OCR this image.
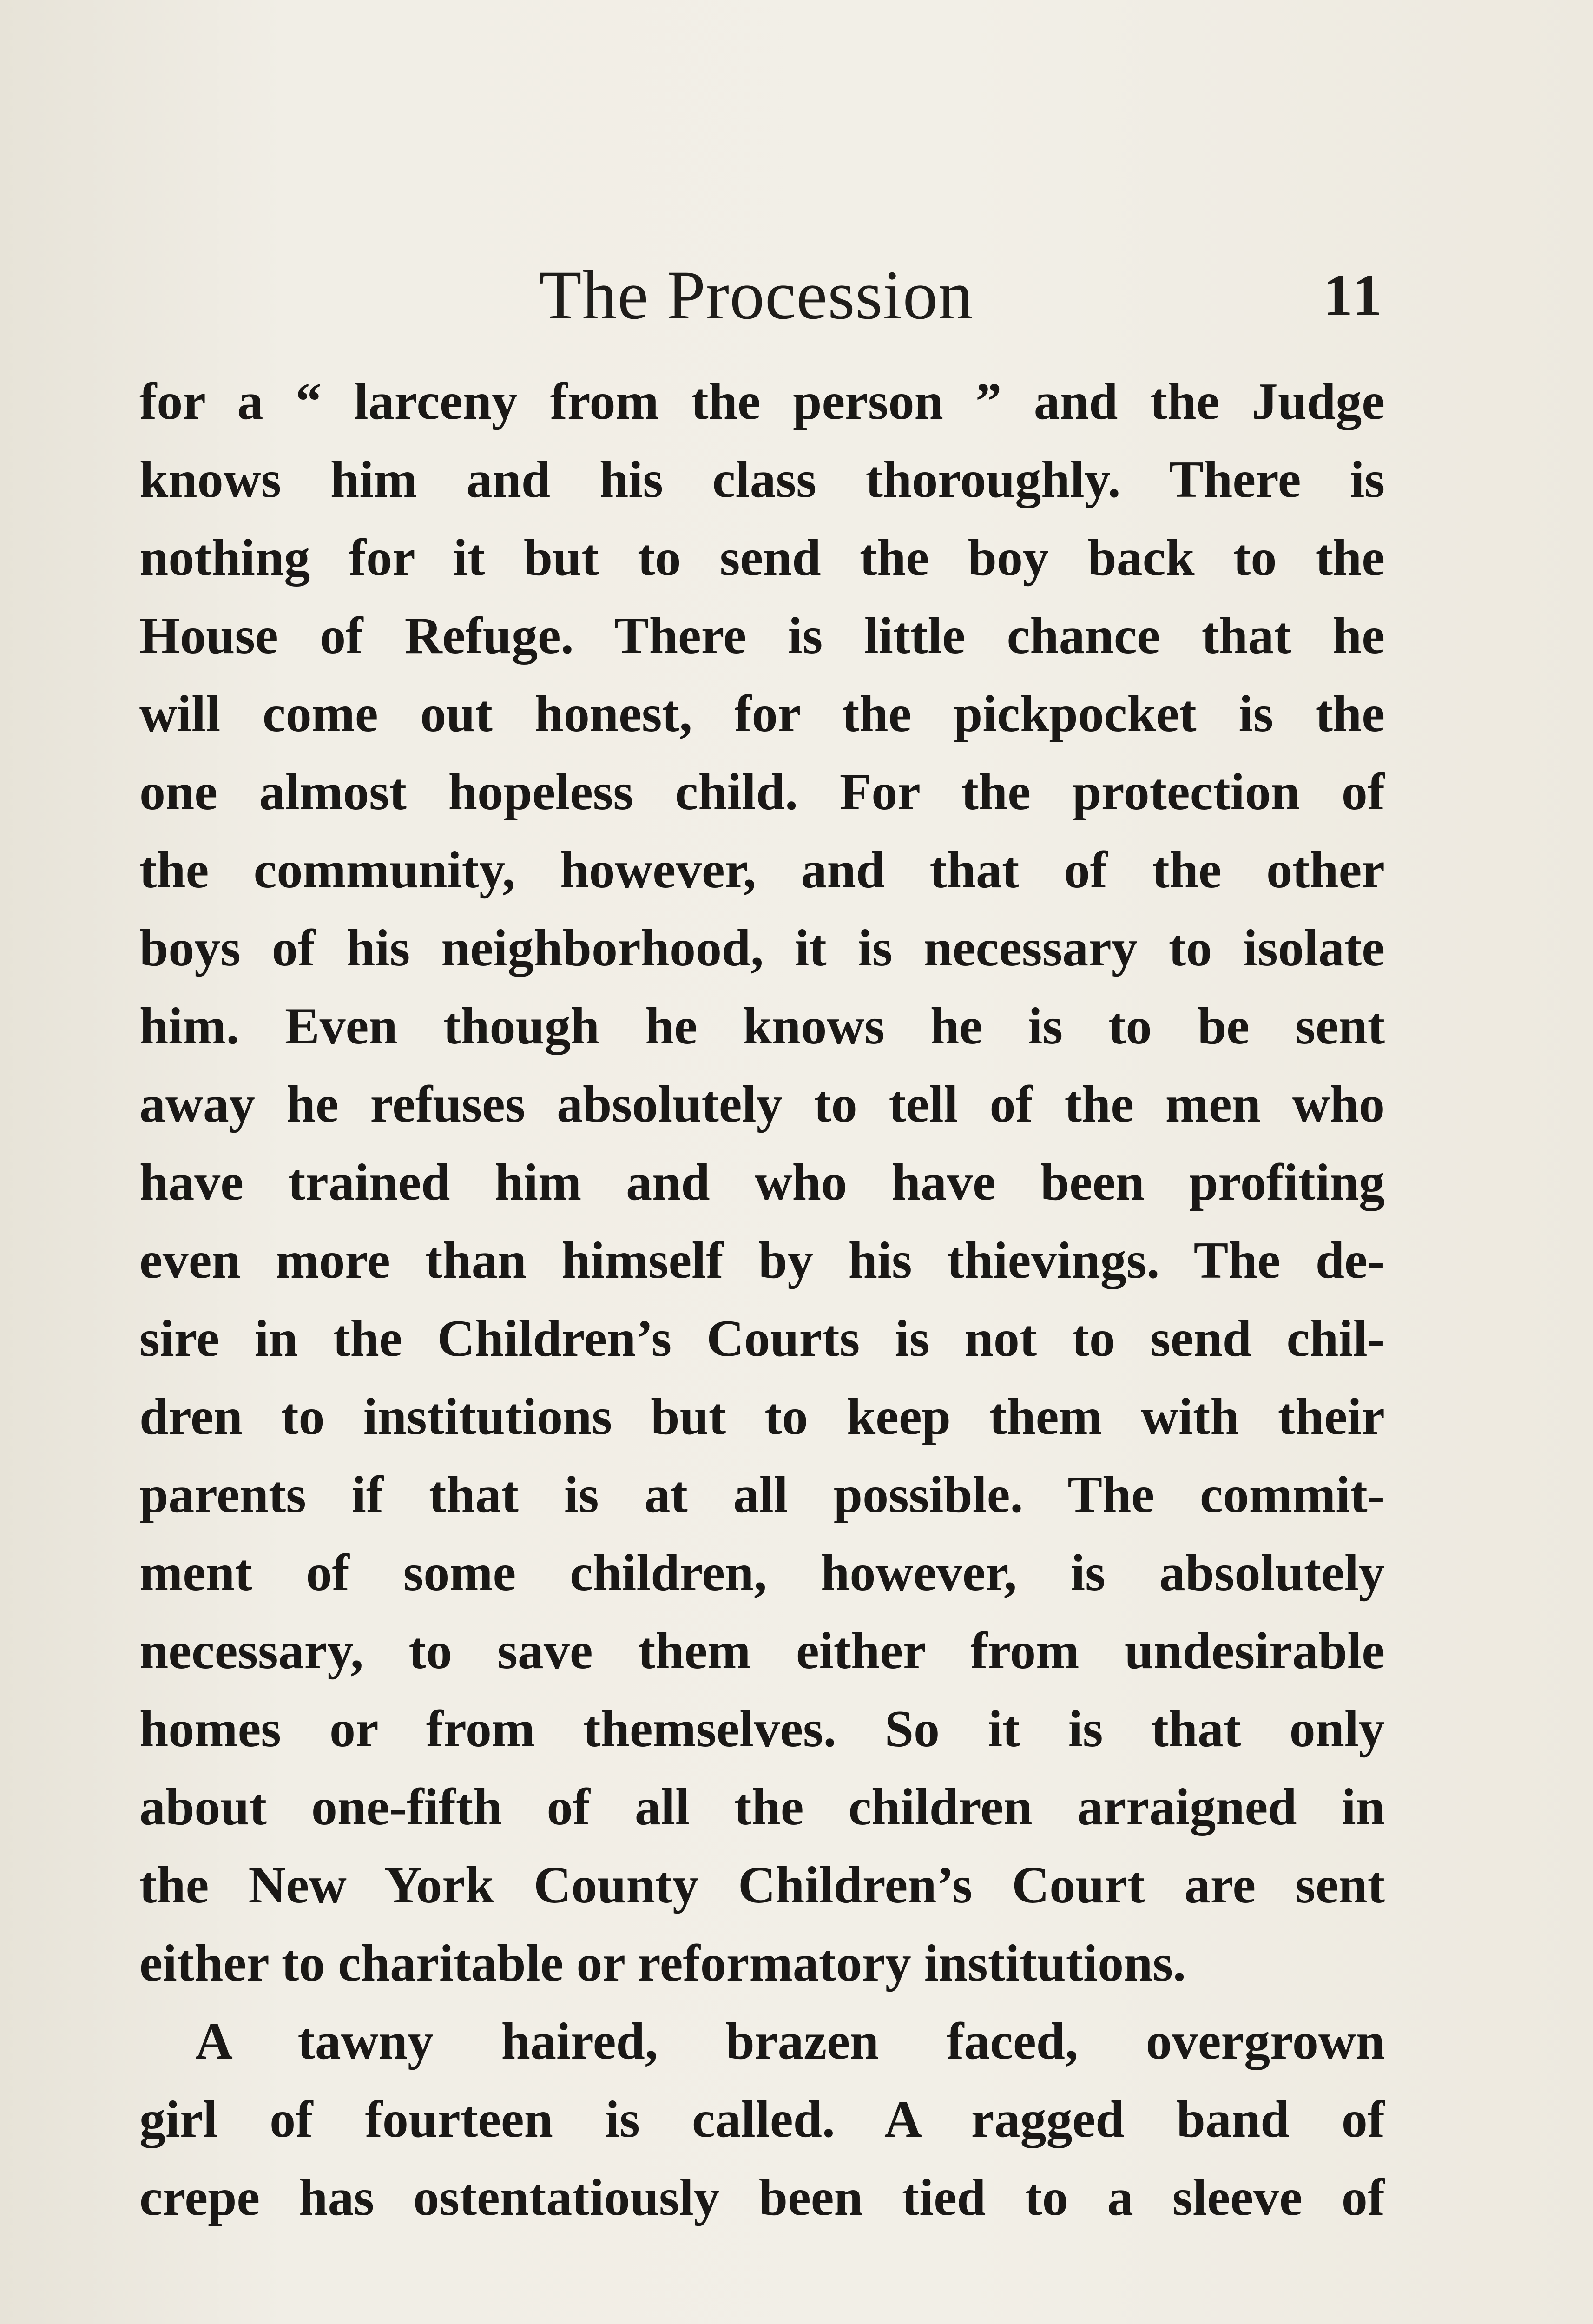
The Procession	11
for a “ larceny from the person ” and the Judge
knows him and his class thoroughly. There is
nothing for it but to send the boy back to the
House of Refuge. There is little chance that he
will come out honest, for the pickpocket is the
one almost hopeless child. For the protection of
the community, however, and that of the other
boys of his neighborhood, it is necessary to isolate
him. Even though he knows he is to be sent
away he refuses absolutely to tell of the men who
have trained him and who have been profiting
even more than himself by his thievings. The de-
sire in the Children’s Courts is not to send chil-
dren to institutions but to keep them with their
parents if that is at all possible. The commit-
ment of some children, however, is absolutely
necessary, to save them either from undesirable
homes or from themselves. So it is that only
about one-fifth of all the children arraigned in
the New York County Children’s Court are sent
either to charitable or reformatory institutions.
A tawny haired, brazen faced, overgrown
girl of fourteen is called. A ragged band of
crepe has ostentatiously been tied to a sleeve of
